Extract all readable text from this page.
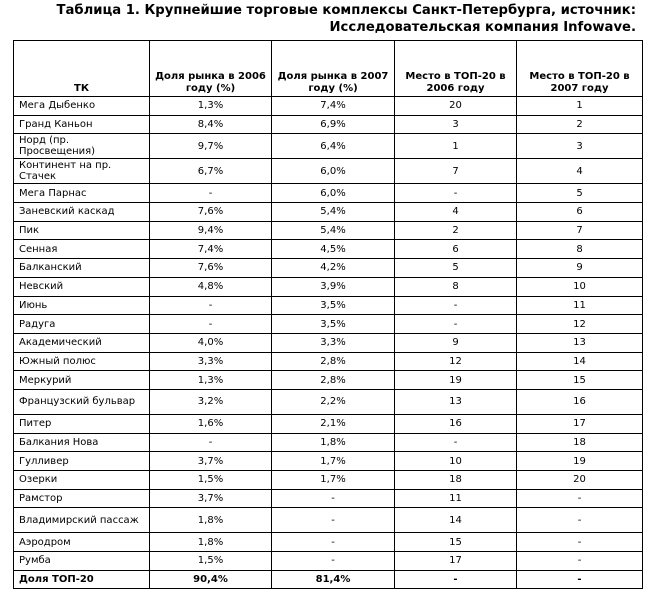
Таблица 1. Крупнейшие торговые комплексы Санкт-Петербурга, источник:
Исследовательская компания Infowave.
ТК	Доля рынка в 2006 году (%)	Доля рынка в 2007 году (%)	Место в ТОП-20 в 2006 году	Место в ТОП-20 в 2007 году
Мега Дыбенко	1,3%	7,4%	20	1
Гранд Каньон	8,4%	6,9%	3	2
Норд (пр. Просвещения)	9,7%	6,4%	1	3
Континент на пр. Стачек	6,7%	6,0%	7	4
Мега Парнас	-	6,0%	-	5
Заневский каскад	7,6%	5,4%	4	6
Пик	9,4%	5,4%	2	7
Сенная	7,4%	4,5%	6	8
Балканский	7,6%	4,2%	5	9
Невский	4,8%	3,9%	8	10
Июнь	-	3,5%	-	11
Радуга	-	3,5%	-	12
Академический	4,0%	3,3%	9	13
Южный полюс	3,3%	2,8%	12	14
Меркурий	1,3%	2,8%	19	15
Французский бульвар	3,2%	2,2%	13	16
Питер	1,6%	2,1%	16	17
Балкания Нова	-	1,8%	-	18
Гулливер	3,7%	1,7%	10	19
Озерки	1,5%	1,7%	18	20
Рамстор	3,7%	-	11	-
Владимирский пассаж	1,8%	-	14	-
Аэродром	1,8%	-	15	-
Румба	1,5%	-	17	-
Доля ТОП-20	90,4%	81,4%	-	-
